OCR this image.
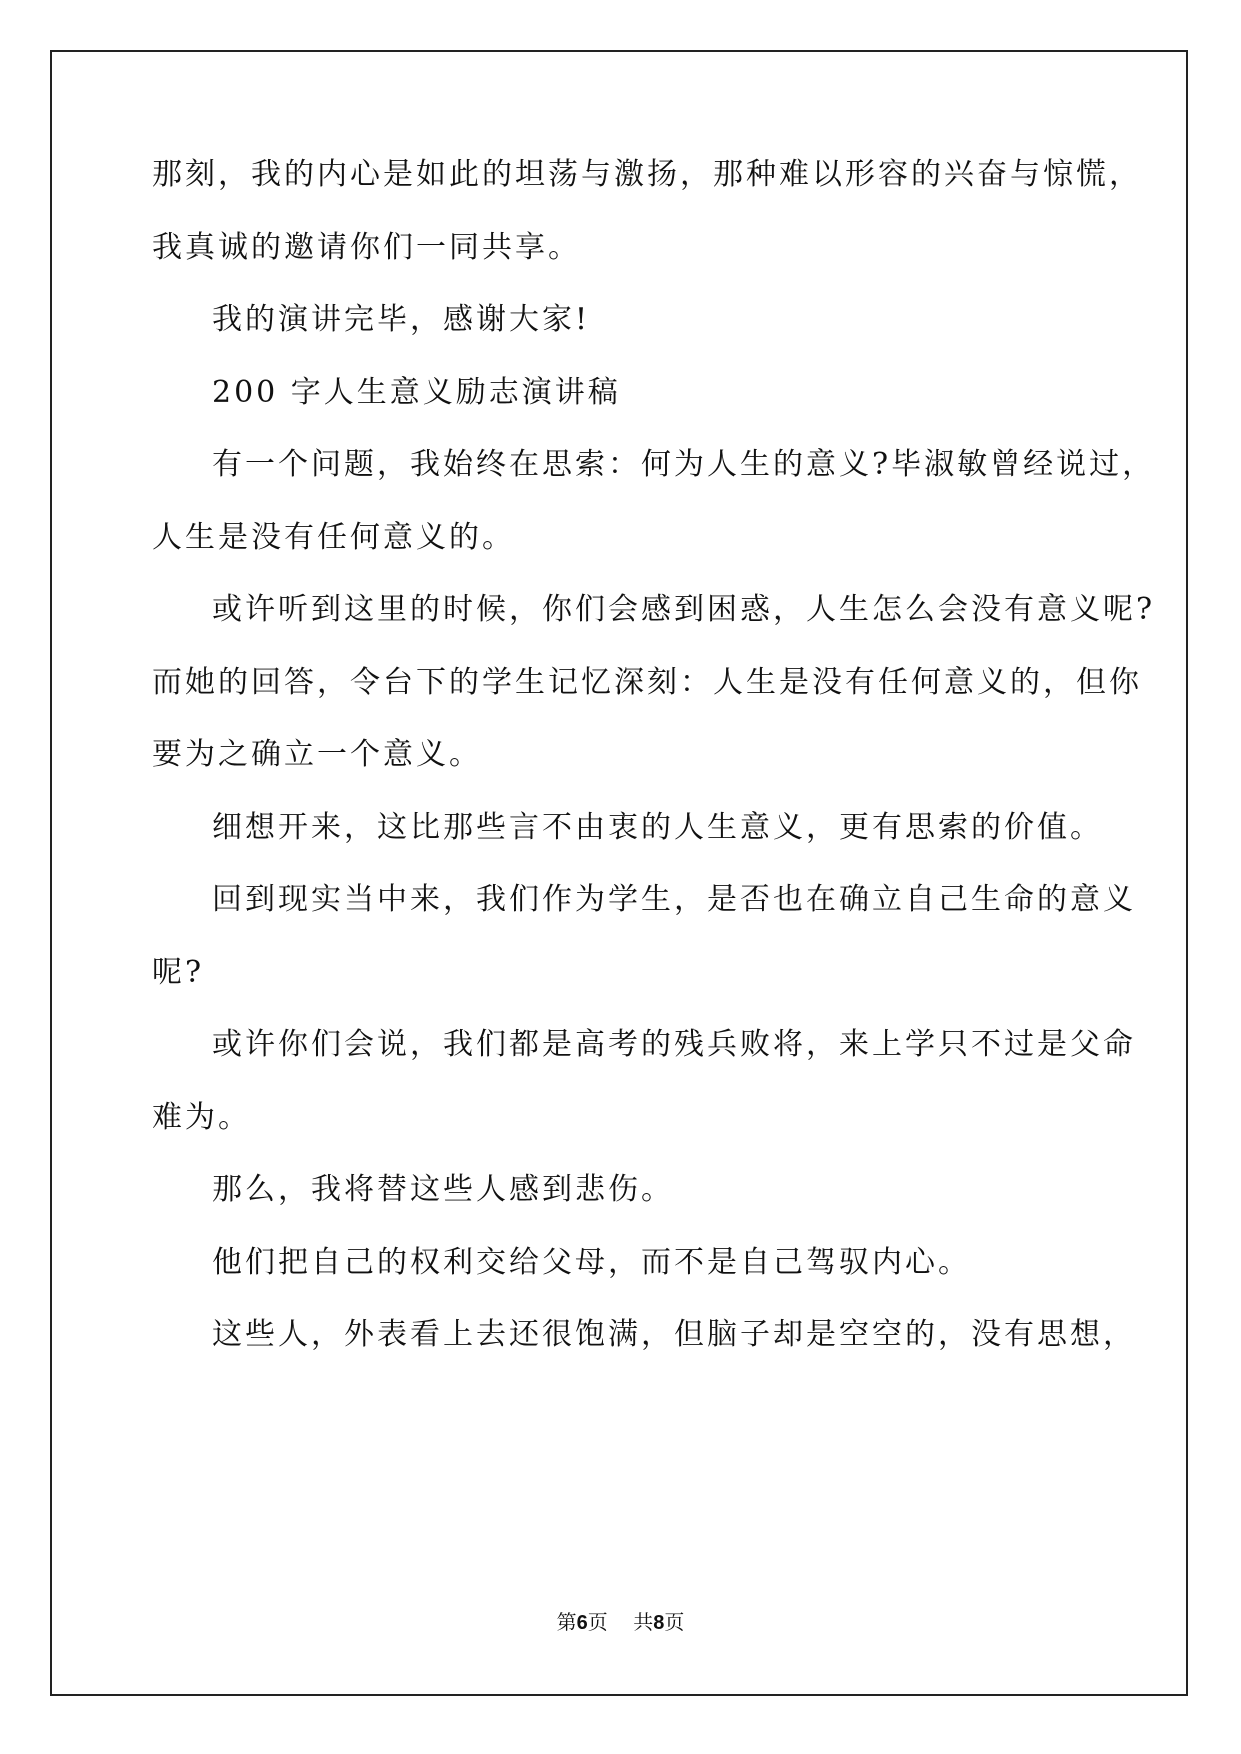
那刻，我的内心是如此的坦荡与激扬，那种难以形容的兴奋与惊慌，
我真诚的邀请你们一同共享。
我的演讲完毕，感谢大家!
200 字人生意义励志演讲稿
有一个问题，我始终在思索：何为人生的意义?毕淑敏曾经说过，
人生是没有任何意义的。
或许听到这里的时候，你们会感到困惑，人生怎么会没有意义呢?
而她的回答，令台下的学生记忆深刻：人生是没有任何意义的，但你
要为之确立一个意义。
细想开来，这比那些言不由衷的人生意义，更有思索的价值。
回到现实当中来，我们作为学生，是否也在确立自己生命的意义
呢?
或许你们会说，我们都是高考的残兵败将，来上学只不过是父命
难为。
那么，我将替这些人感到悲伤。
他们把自己的权利交给父母，而不是自己驾驭内心。
这些人，外表看上去还很饱满，但脑子却是空空的，没有思想，
第6页 共8页
